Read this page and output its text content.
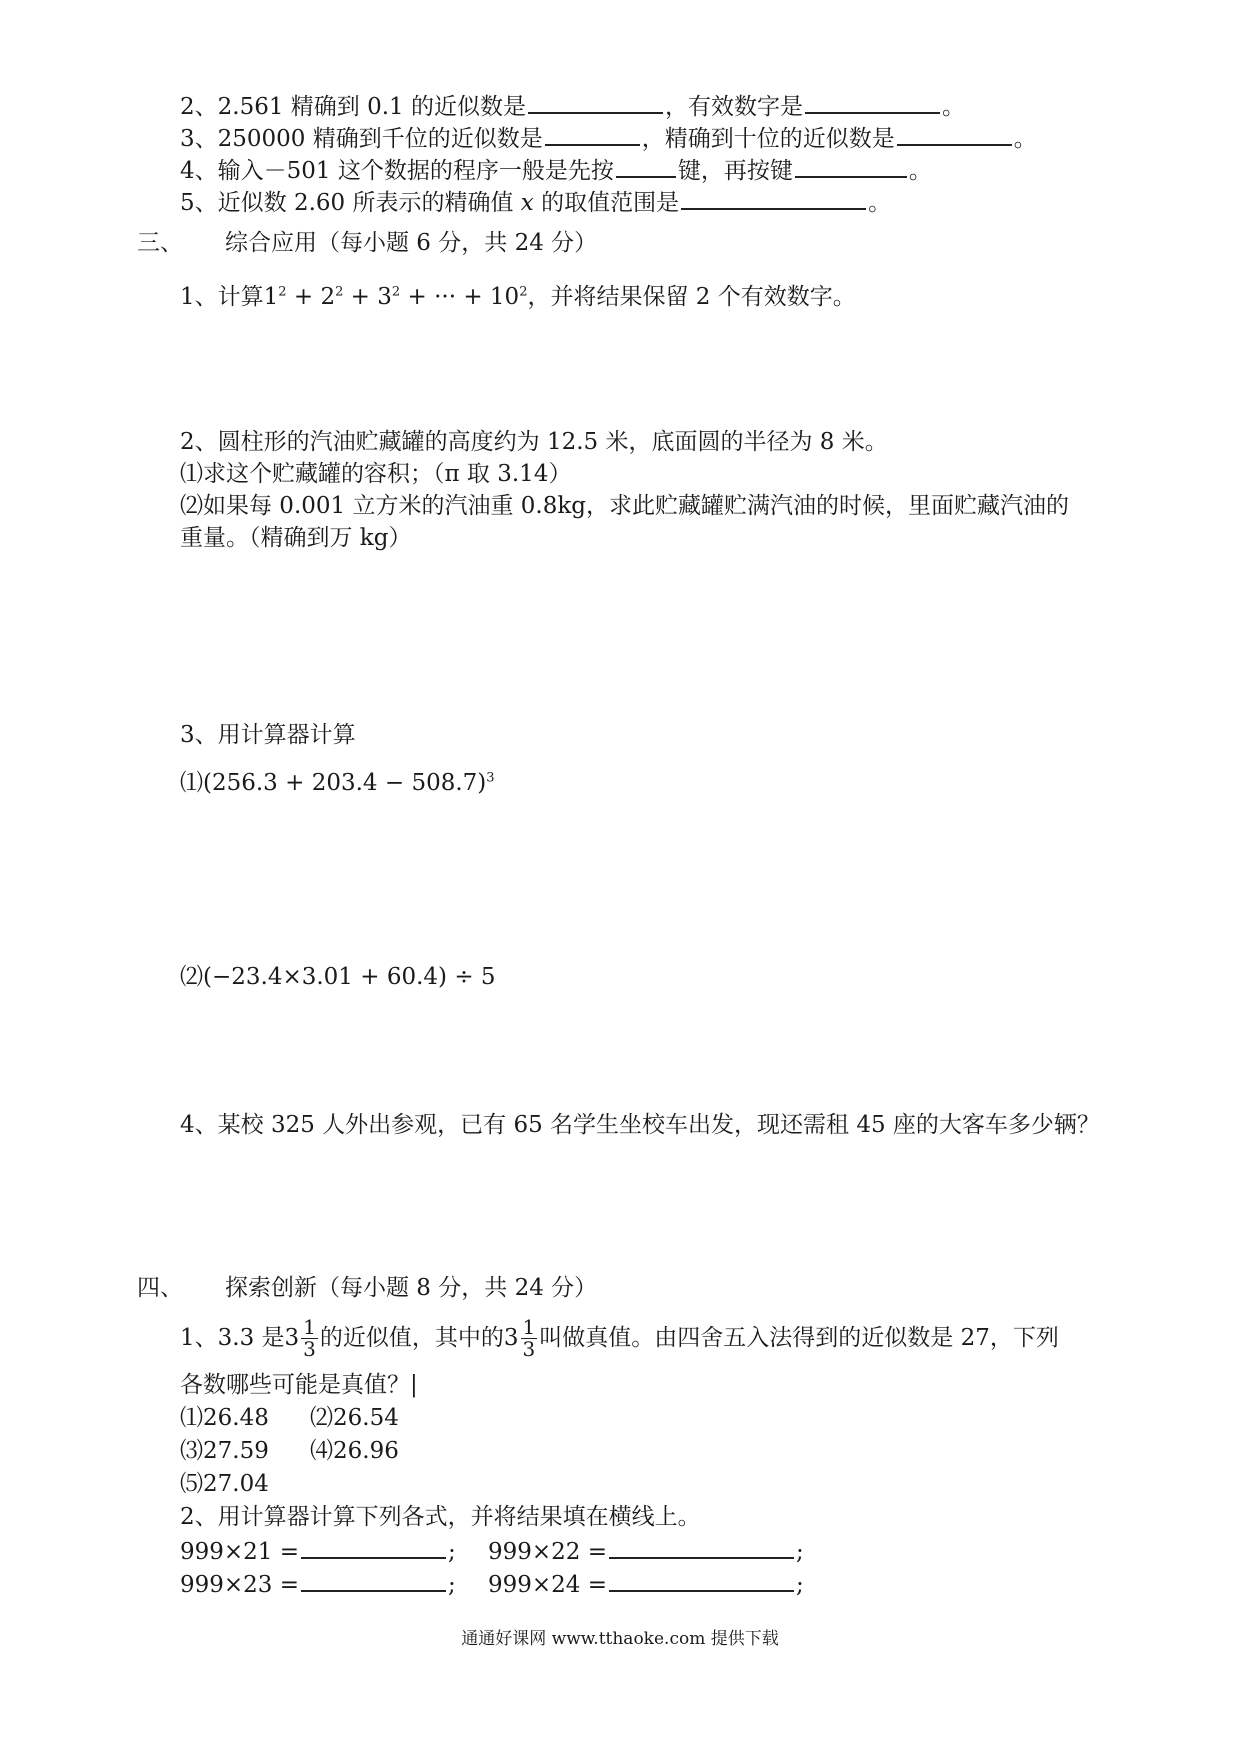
2、2.561 精确到 0.1 的近似数是	，有效数字是	。
3、250000 精确到千位的近似数是	，精确到十位的近似数是	。
4、输入－501 这个数据的程序一般是先按	键，再按键	。
5、近似数 2.60 所表示的精确值 x 的取值范围是	。
三、 综合应用（每小题 6 分，共 24 分）
1、计算$1^2 + 2^2 + 3^2$ + ··· + $10^2$，并将结果保留 2 个有效数字。
2、圆柱形的汽油贮藏罐的高度约为 12.5 米，底面圆的半径为 8 米。
⑴求这个贮藏罐的容积；（π 取 3.14）
⑵如果每 0.001 立方米的汽油重 0.8kg，求此贮藏罐贮满汽油的时候，里面贮藏汽油的
重量。（精确到万 kg）
3、用计算器计算
⑴(256.3 + 203.4 − 508.7)$^3$
⑵(−23.4×3.01 + 60.4) ÷ 5
4、某校 325 人外出参观，已有 65 名学生坐校车出发，现还需租 45 座的大客车多少辆？
四、 探索创新（每小题 8 分，共 24 分）
1、3.3 是 $3 \frac{1}{3}$ 的近似值，其中的 $3 \frac{1}{3}$ 叫做真值。由四舍五入法得到的近似数是 27，下列
各数哪些可能是真值？|
⑴26.48 ⑵26.54
⑶27.59 ⑷26.96
⑸27.04
2、用计算器计算下列各式，并将结果填在横线上。
999×21 =	; 999×22 =	;
999×23 =	; 999×24 =	;
通通好课网 www.tthaoke.com 提供下载
